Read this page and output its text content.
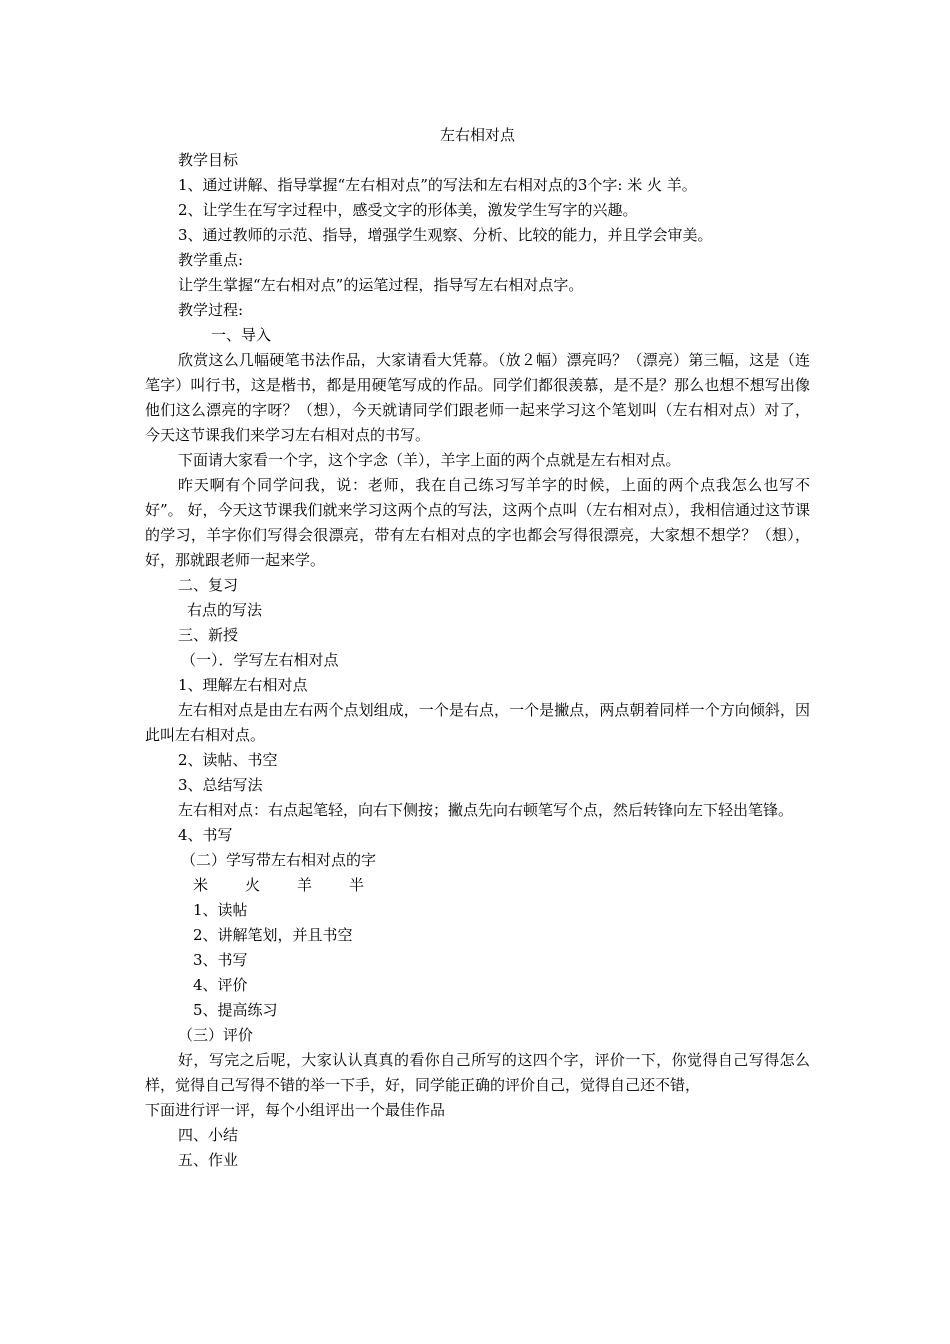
左右相对点
教学目标
1、通过讲解、指导掌握“左右相对点”的写法和左右相对点的3个字: 米 火 羊。
2、让学生在写字过程中，感受文字的形体美，激发学生写字的兴趣。
3、通过教师的示范、指导，增强学生观察、分析、比较的能力，并且学会审美。
教学重点:
让学生掌握“左右相对点”的运笔过程，指导写左右相对点字。
教学过程:
一、导入
欣赏这么几幅硬笔书法作品，大家请看大凭幕。（放２幅）漂亮吗？（漂亮）第三幅，这是（连笔字）叫行书，这是楷书，都是用硬笔写成的作品。同学们都很羡慕，是不是？那么也想不想写出像他们这么漂亮的字呀？（想），今天就请同学们跟老师一起来学习这个笔划叫（左右相对点）对了，今天这节课我们来学习左右相对点的书写。
下面请大家看一个字，这个字念（羊），羊字上面的两个点就是左右相对点。
昨天啊有个同学问我，说：老师，我在自己练习写羊字的时候，上面的两个点我怎么也写不好”。 好，今天这节课我们就来学习这两个点的写法，这两个点叫（左右相对点），我相信通过这节课的学习，羊字你们写得会很漂亮，带有左右相对点的字也都会写得很漂亮，大家想不想学？（想），好，那就跟老师一起来学。
二、复习
右点的写法
三、新授
（一）．学写左右相对点
1、理解左右相对点
左右相对点是由左右两个点划组成，一个是右点，一个是撇点，两点朝着同样一个方向倾斜，因此叫左右相对点。
2、读帖、书空
3、总结写法
左右相对点：右点起笔轻，向右下侧按；撇点先向右顿笔写个点，然后转锋向左下轻出笔锋。
4、书写
（二）学写带左右相对点的字
米 火 羊 半
1、读帖
2、讲解笔划，并且书空
3、书写
4、评价
5、提高练习
（三）评价
好，写完之后呢，大家认认真真的看你自己所写的这四个字，评价一下，你觉得自己写得怎么样，觉得自己写得不错的举一下手，好，同学能正确的评价自己，觉得自己还不错，
下面进行评一评，每个小组评出一个最佳作品
四、小结
五、作业
